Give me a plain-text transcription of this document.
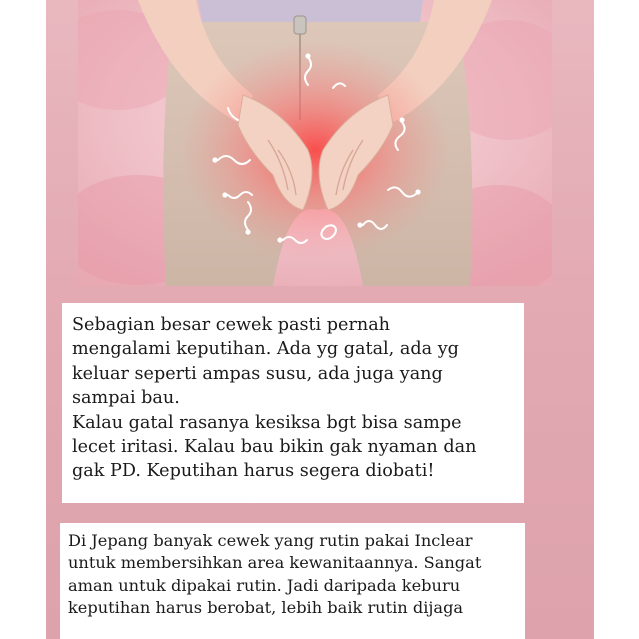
Sebagian besar cewek pasti pernah
mengalami keputihan. Ada yg gatal, ada yg
keluar seperti ampas susu, ada juga yang
sampai bau.
Kalau gatal rasanya kesiksa bgt bisa sampe
lecet iritasi. Kalau bau bikin gak nyaman dan
gak PD. Keputihan harus segera diobati!
Di Jepang banyak cewek yang rutin pakai Inclear
untuk membersihkan area kewanitaannya. Sangat
aman untuk dipakai rutin. Jadi daripada keburu
keputihan harus berobat, lebih baik rutin dijaga
